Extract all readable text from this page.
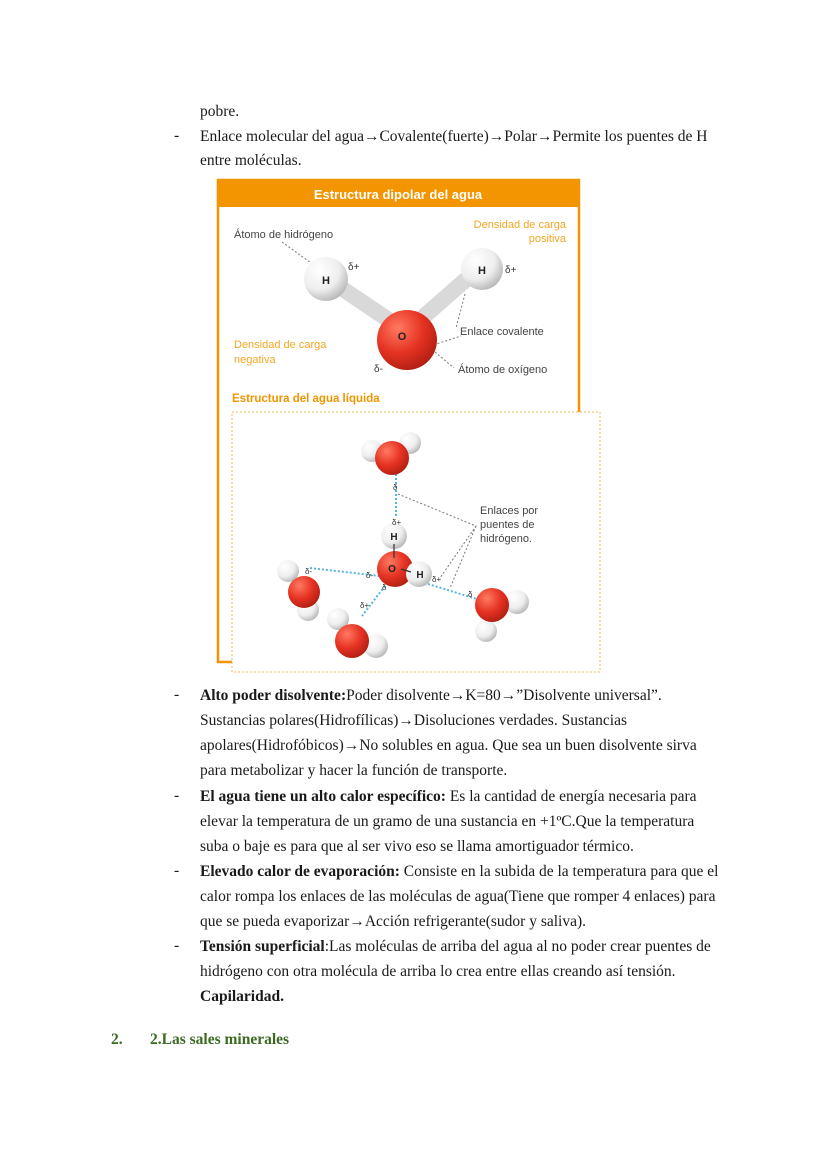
pobre.
- Enlace molecular del agua→Covalente(fuerte)→Polar→Permite los puentes de H
entre moléculas.
Estructura dipolar del agua
Átomo de hidrógeno
Densidad de carga
positiva
H
H
O
δ+	δ+
δ-
Enlace covalente
Densidad de carga
negativa
Átomo de oxígeno
Estructura del agua líquida
H
O
H
δ
δ+
δ-
δ
δ+
δ-
δ+
δ
Enlaces por
puentes de
hidrógeno.
- Alto poder disolvente:Poder disolvente→K=80→”Disolvente universal”.
Sustancias polares(Hidrofílicas)→Disoluciones verdades. Sustancias
apolares(Hidrofóbicos)→No solubles en agua. Que sea un buen disolvente sirva
para metabolizar y hacer la función de transporte.
- El agua tiene un alto calor específico: Es la cantidad de energía necesaria para
elevar la temperatura de un gramo de una sustancia en +1ºC.Que la temperatura
suba o baje es para que al ser vivo eso se llama amortiguador térmico.
- Elevado calor de evaporación: Consiste en la subida de la temperatura para que el
calor rompa los enlaces de las moléculas de agua(Tiene que romper 4 enlaces) para
que se pueda evaporizar→Acción refrigerante(sudor y saliva).
- Tensión superficial:Las moléculas de arriba del agua al no poder crear puentes de
hidrógeno con otra molécula de arriba lo crea entre ellas creando así tensión.
Capilaridad.
2. 2.Las sales minerales
